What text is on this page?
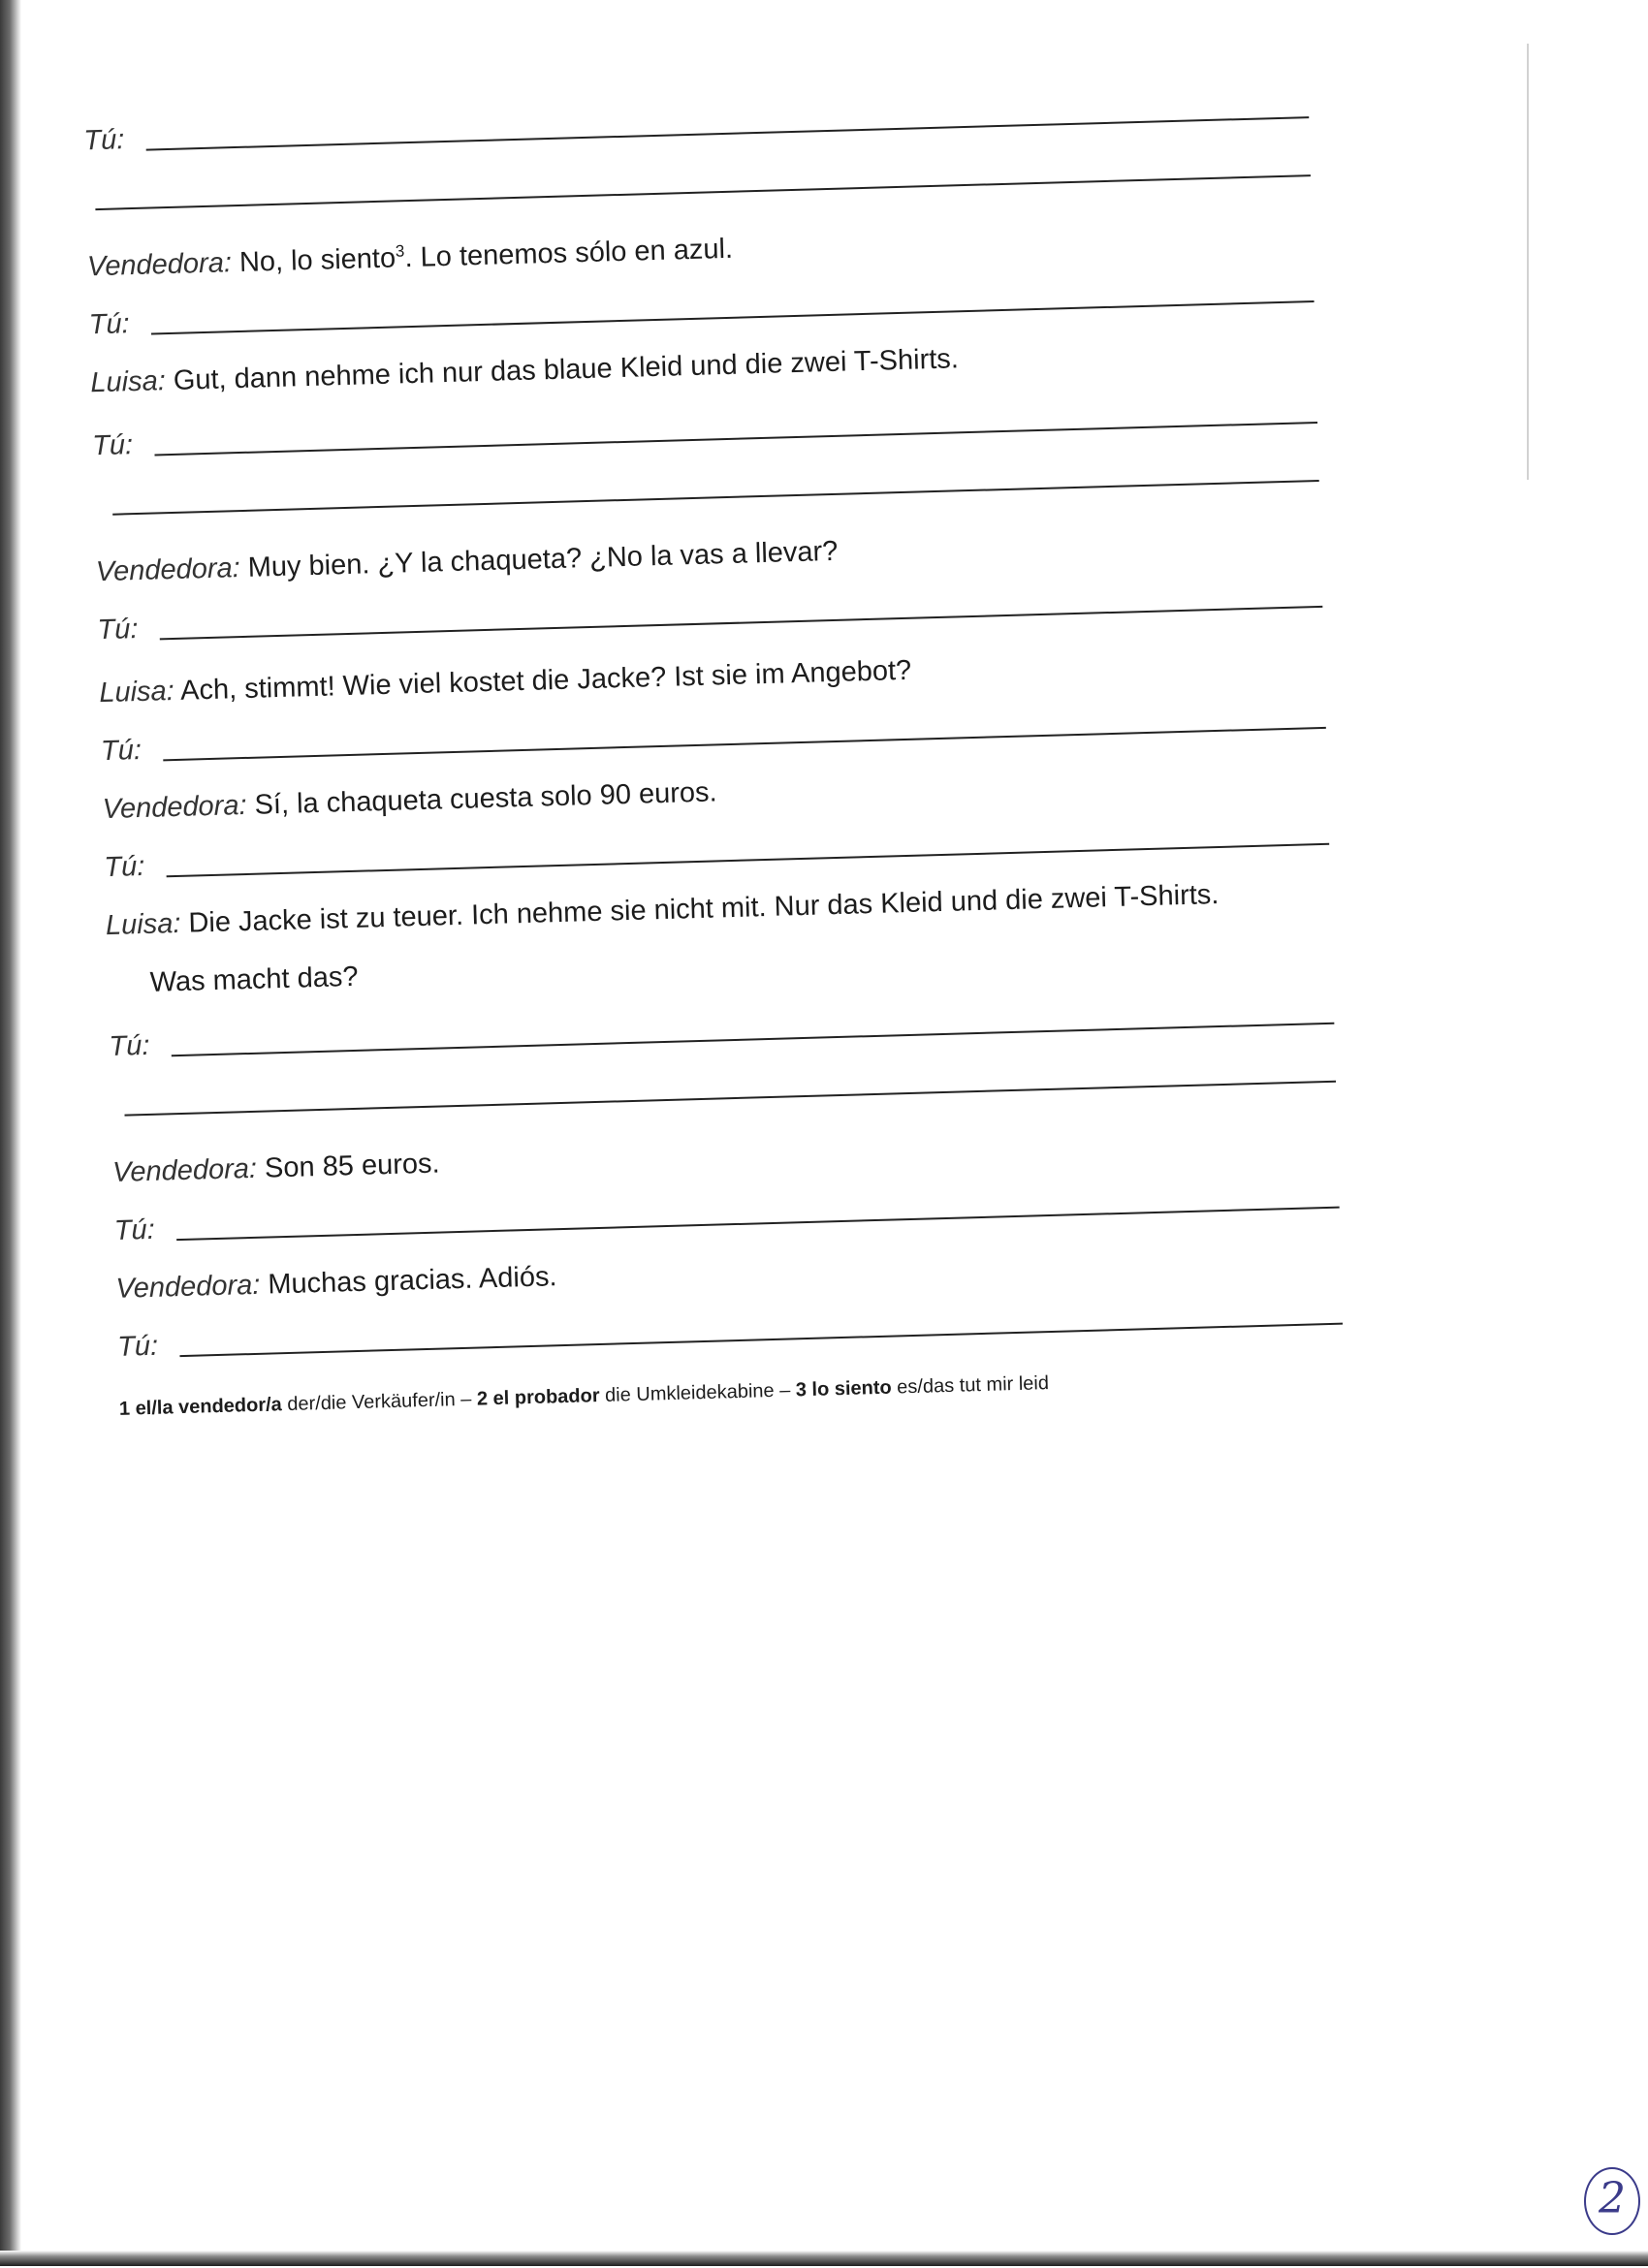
Tú:
Vendedora: No, lo siento$^3$. Lo tenemos sólo en azul.
Tú:
Luisa: Gut, dann nehme ich nur das blaue Kleid und die zwei T-Shirts.
Tú:
Vendedora: Muy bien. ¿Y la chaqueta? ¿No la vas a llevar?
Tú:
Luisa: Ach, stimmt! Wie viel kostet die Jacke? Ist sie im Angebot?
Tú:
Vendedora: Sí, la chaqueta cuesta solo 90 euros.
Tú:
Luisa: Die Jacke ist zu teuer. Ich nehme sie nicht mit. Nur das Kleid und die zwei T-Shirts.
Was macht das?
Tú:
Vendedora: Son 85 euros.
Tú:
Vendedora: Muchas gracias. Adiós.
Tú:
1 el/la vendedor/a der/die Verkäufer/in – 2 el probador die Umkleidekabine – 3 lo siento es/das tut mir leid
2
